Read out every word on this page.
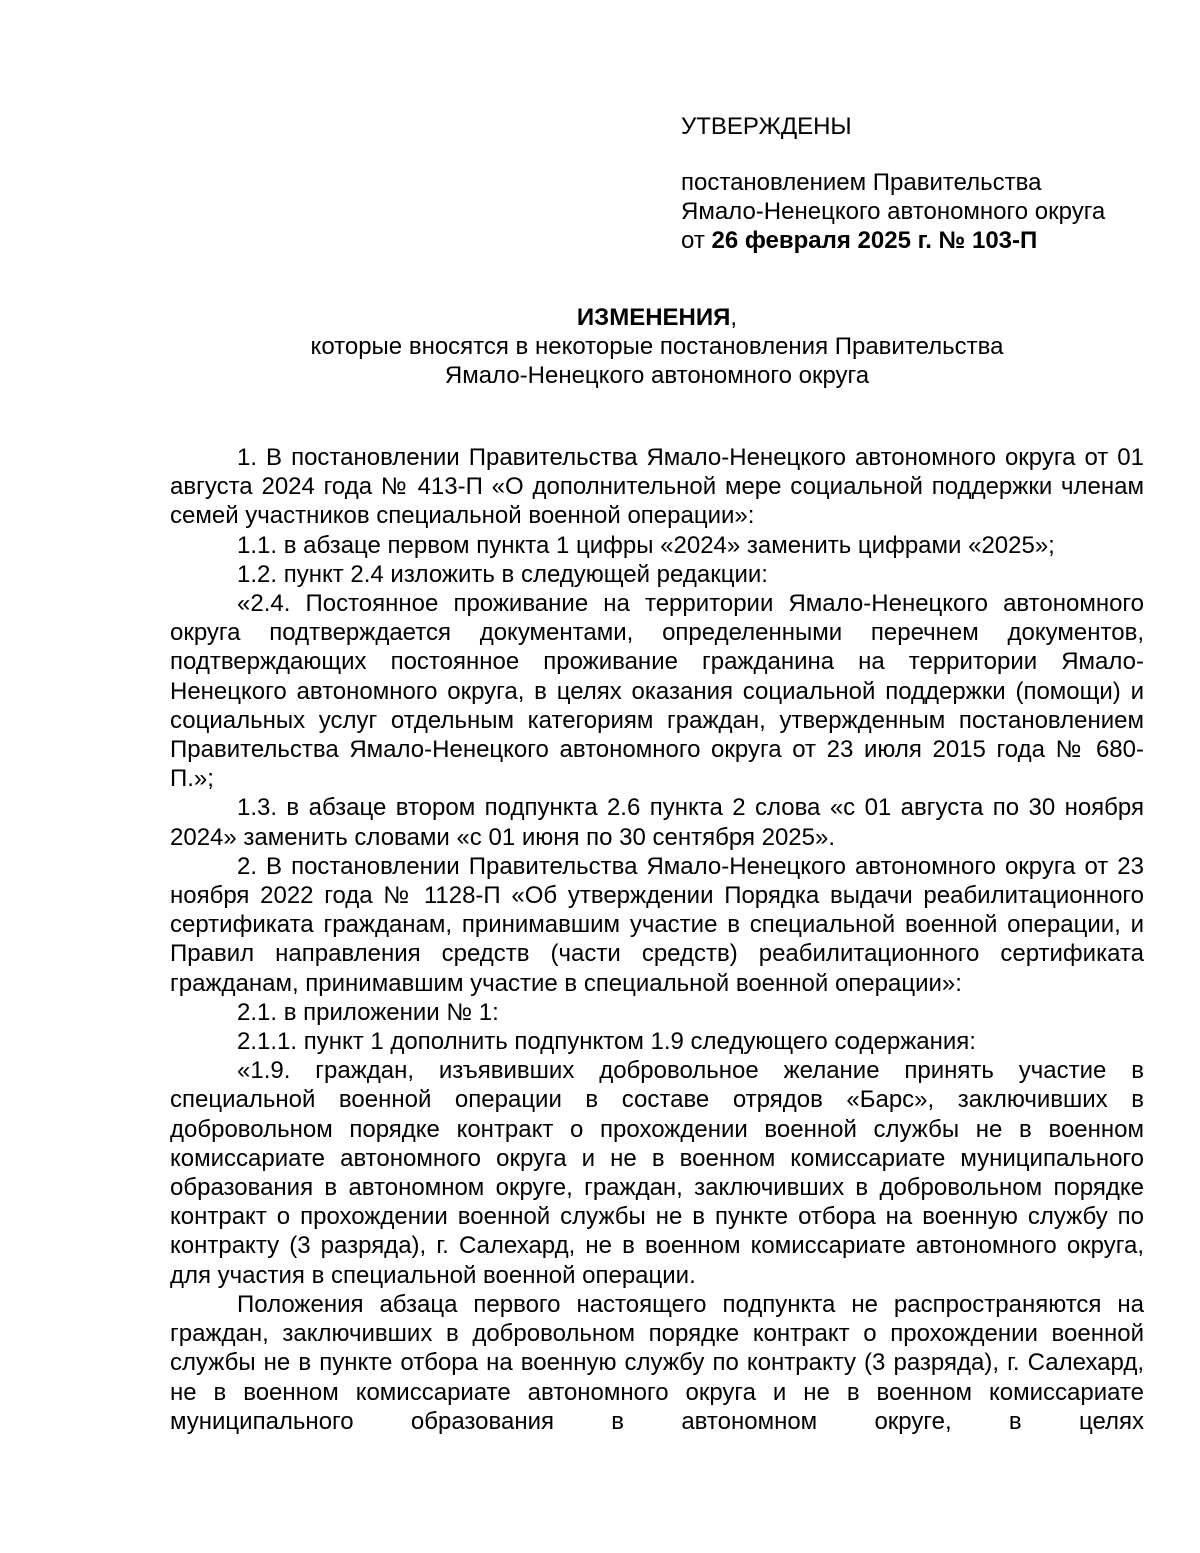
УТВЕРЖДЕНЫ
постановлением Правительства
Ямало-Ненецкого автономного округа
от 26 февраля 2025 г. № 103-П
ИЗМЕНЕНИЯ,
которые вносятся в некоторые постановления Правительства
Ямало-Ненецкого автономного округа

1. В постановлении Правительства Ямало-Ненецкого автономного округа от 01 августа 2024 года № 413-П «О дополнительной мере социальной поддержки членам семей участников специальной военной операции»:

1.1. в абзаце первом пункта 1 цифры «2024» заменить цифрами «2025»;

1.2. пункт 2.4 изложить в следующей редакции:

«2.4. Постоянное проживание на территории Ямало-Ненецкого автономного округа подтверждается документами, определенными перечнем документов, подтверждающих постоянное проживание гражданина на территории Ямало-Ненецкого автономного округа, в целях оказания социальной поддержки (помощи) и социальных услуг отдельным категориям граждан, утвержденным постановлением Правительства Ямало-Ненецкого автономного округа от 23 июля 2015 года № 680-П.»;

1.3. в абзаце втором подпункта 2.6 пункта 2 слова «с 01 августа по 30 ноября 2024» заменить словами «с 01 июня по 30 сентября 2025».

2. В постановлении Правительства Ямало-Ненецкого автономного округа от 23 ноября 2022 года № 1128-П «Об утверждении Порядка выдачи реабилитационного сертификата гражданам, принимавшим участие в специальной военной операции, и Правил направления средств (части средств) реабилитационного сертификата гражданам, принимавшим участие в специальной военной операции»:

2.1. в приложении № 1:

2.1.1. пункт 1 дополнить подпунктом 1.9 следующего содержания:

«1.9. граждан, изъявивших добровольное желание принять участие в специальной военной операции в составе отрядов «Барс», заключивших в добровольном порядке контракт о прохождении военной службы не в военном комиссариате автономного округа и не в военном комиссариате муниципального образования в автономном округе, граждан, заключивших в добровольном порядке контракт о прохождении военной службы не в пункте отбора на военную службу по контракту (3 разряда), г. Салехард, не в военном комиссариате автономного округа, для участия в специальной военной операции.

Положения абзаца первого настоящего подпункта не распространяются на граждан, заключивших в добровольном порядке контракт о прохождении военной службы не в пункте отбора на военную службу по контракту (3 разряда), г. Салехард, не в военном комиссариате автономного округа и не в военном комиссариате муниципального образования в автономном округе, в целях
